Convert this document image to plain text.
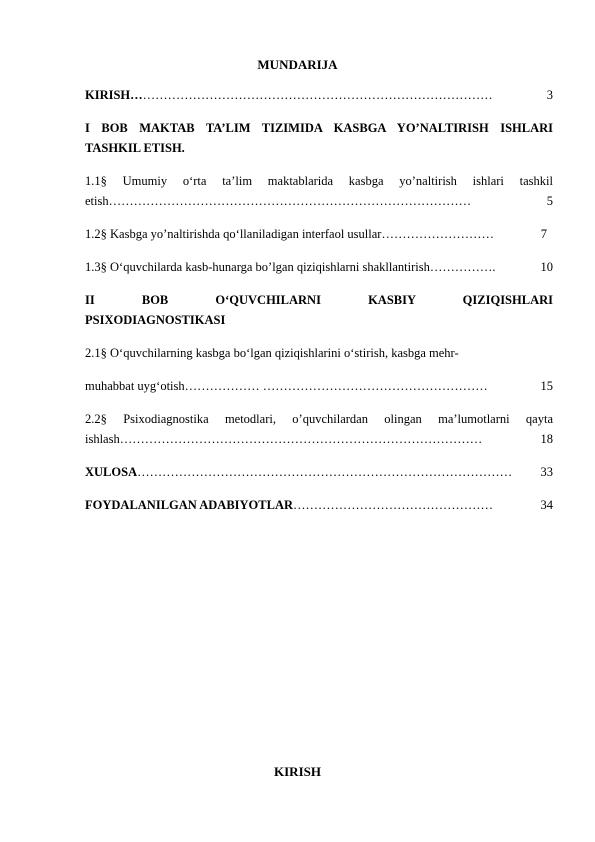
MUNDARIJA
KIRISH… …………………………………………………………………………	3
I BOB MAKTAB TA’LIM TIZIMIDA KASBGA YO’NALTIRISH ISHLARI
TASHKIL ETISH.
1.1§ Umumiy o‘rta ta’lim maktablarida kasbga yo’naltirish ishlari tashkil
etish ……………………………………………………………………………	5
1.2§ Kasbga yo’naltirishda qo‘llaniladigan interfaol usullar ………………………	7
1.3§ O‘quvchilarda kasb-hunarga bo’lgan qiziqishlarni shakllantirish …………….	10
II BOB O‘QUVCHILARNI KASBIY QIZIQISHLARI
PSIXODIAGNOSTIKASI
2.1§ O‘quvchilarning kasbga bo‘lgan qiziqishlarini o‘stirish, kasbga mehr-
muhabbat uyg‘otish ……………… ………………………………………………	15
2.2§ Psixodiagnostika metodlari, o’quvchilardan olingan ma’lumotlarni qayta
ishlash ……………………………………………………………………………	18
XULOSA ………………………………………………………………………………	33
FOYDALANILGAN ADABIYOTLAR …………………………………………	34
KIRISH
